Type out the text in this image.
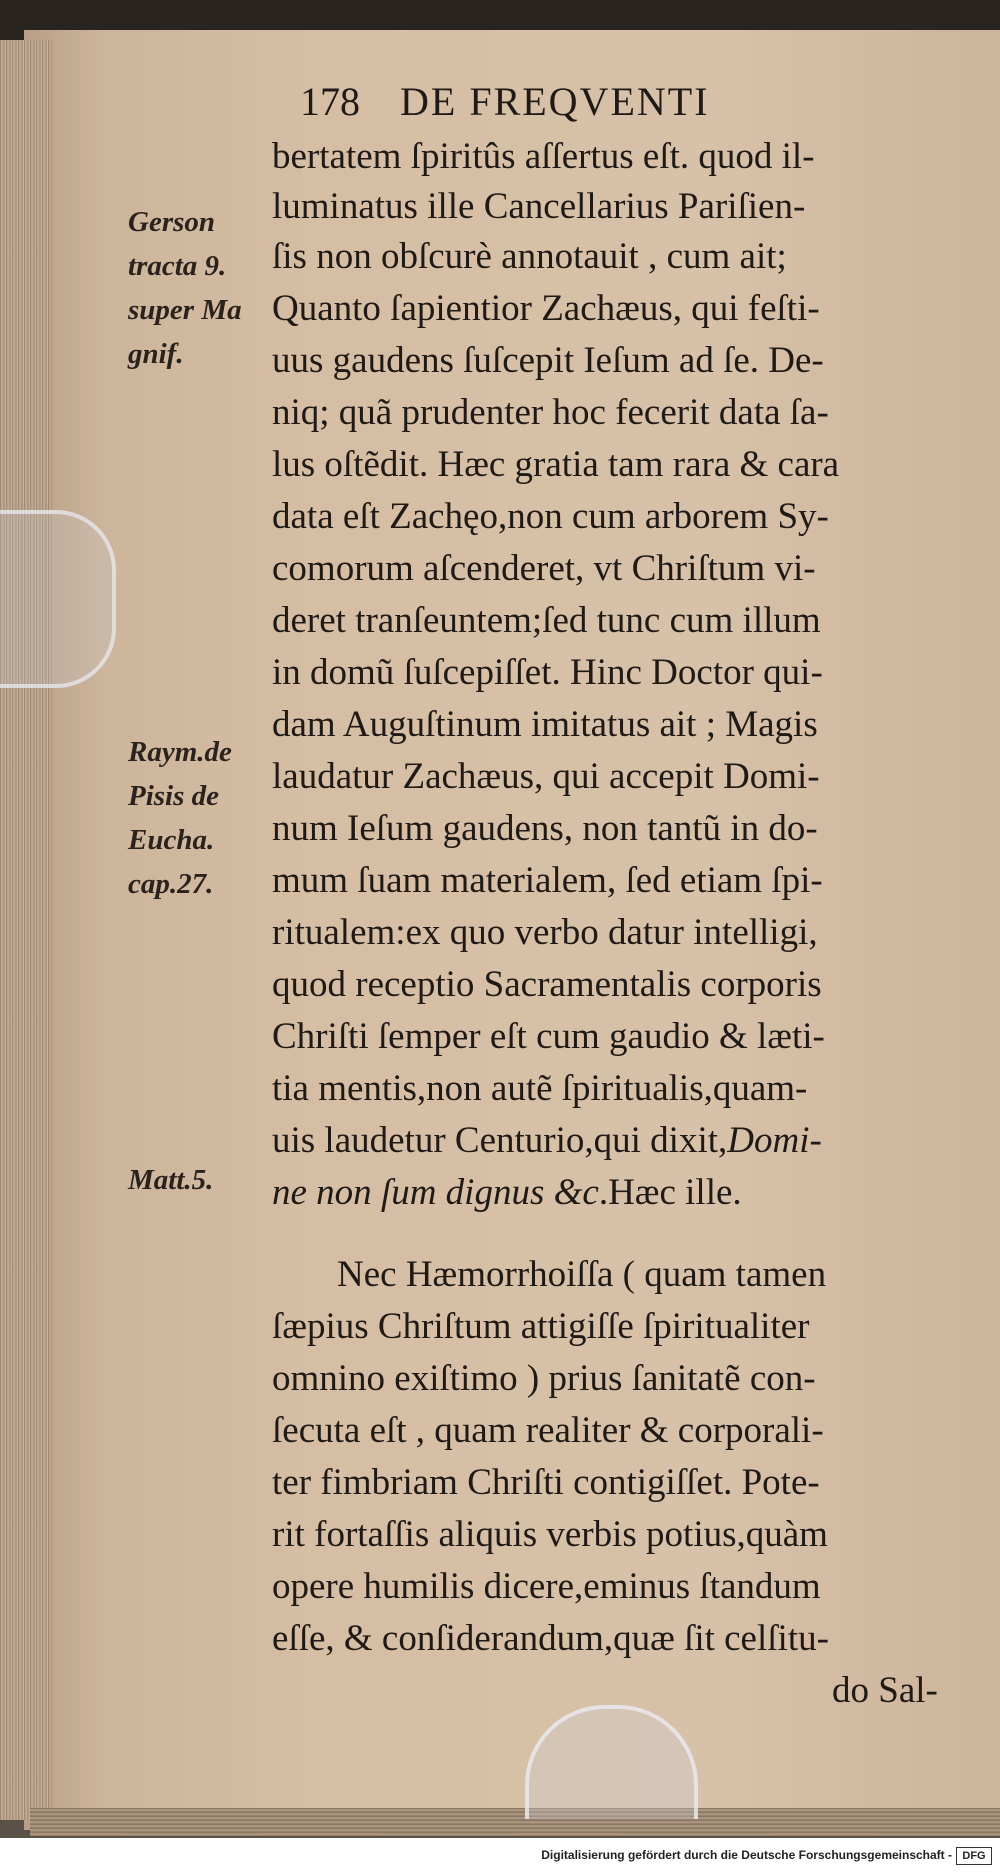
178 DE FREQVENTI
Gerson
tracta 9.
super Ma
gnif.
Raym.de
Pisis de
Eucha.
cap.27.
Matt.5.
bertatem ſpiritûs aſſertus eſt. quod il-
luminatus ille Cancellarius Pariſien-
ſis non obſcurè annotauit , cum ait;
Quanto ſapientior Zachæus, qui feſti-
uus gaudens ſuſcepit Ieſum ad ſe. De-
niq; quã prudenter hoc fecerit data ſa-
lus oſtẽdit. Hæc gratia tam rara & cara
data eſt Zachęo,non cum arborem Sy-
comorum aſcenderet, vt Chriſtum vi-
deret tranſeuntem;ſed tunc cum illum
in domũ ſuſcepiſſet. Hinc Doctor qui-
dam Auguſtinum imitatus ait ; Magis
laudatur Zachæus, qui accepit Domi-
num Ieſum gaudens, non tantũ in do-
mum ſuam materialem, ſed etiam ſpi-
ritualem:ex quo verbo datur intelligi,
quod receptio Sacramentalis corporis
Chriſti ſemper eſt cum gaudio & læti-
tia mentis,non autẽ ſpiritualis,quam-
uis laudetur Centurio,qui dixit,Domi-
ne non ſum dignus &c.Hæc ille.
Nec Hæmorrhoiſſa ( quam tamen
ſæpius Chriſtum attigiſſe ſpiritualiter
omnino exiſtimo ) prius ſanitatẽ con-
ſecuta eſt , quam realiter & corporali-
ter fimbriam Chriſti contigiſſet. Pote-
rit fortaſſis aliquis verbis potius,quàm
opere humilis dicere,eminus ſtandum
eſſe, & conſiderandum,quæ ſit celſitu-
do Sal-
Digitalisierung gefördert durch die Deutsche Forschungsgemeinschaft - DFG
